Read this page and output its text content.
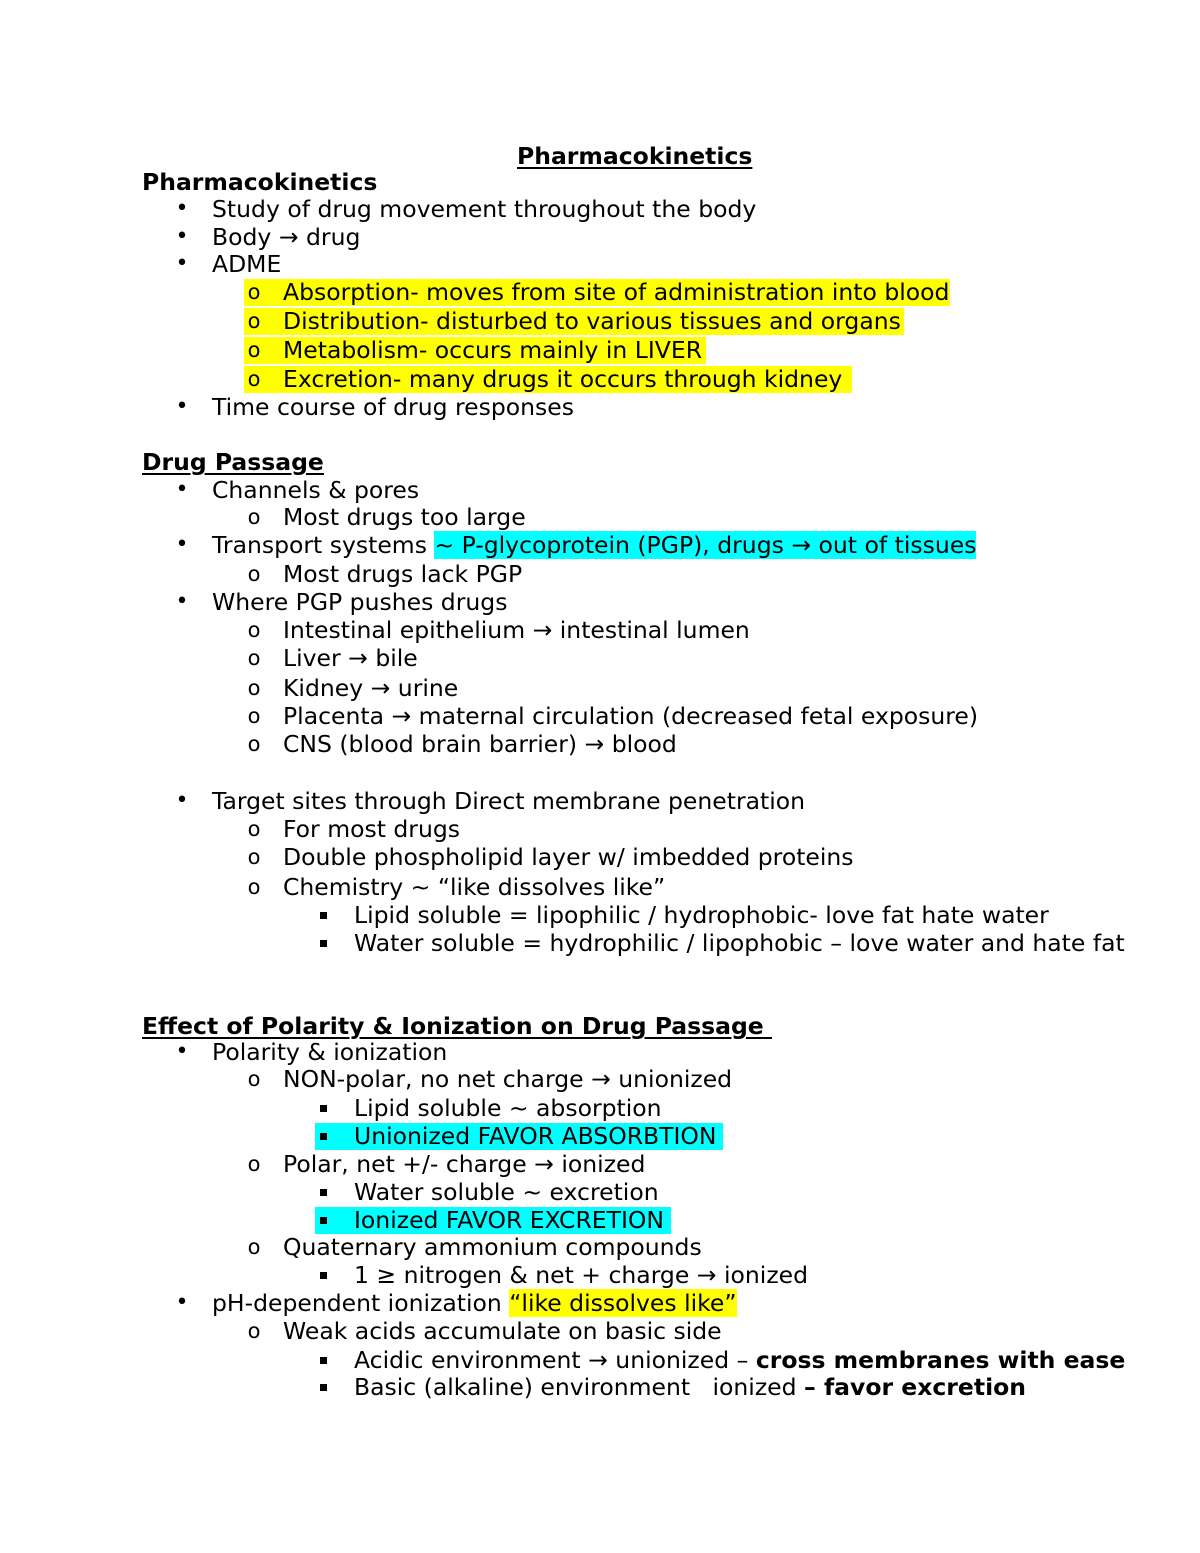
Pharmacokinetics
Pharmacokinetics
• Study of drug movement throughout the body
• Body → drug
• ADME
o Absorption- moves from site of administration into blood
o Distribution- disturbed to various tissues and organs
o Metabolism- occurs mainly in LIVER
o Excretion- many drugs it occurs through kidney
• Time course of drug responses
Drug Passage
• Channels & pores
o Most drugs too large
• Transport systems ~ P-glycoprotein (PGP), drugs → out of tissues
o Most drugs lack PGP
• Where PGP pushes drugs
o Intestinal epithelium → intestinal lumen
o Liver → bile
o Kidney → urine
o Placenta → maternal circulation (decreased fetal exposure)
o CNS (blood brain barrier) → blood
• Target sites through Direct membrane penetration
o For most drugs
o Double phospholipid layer w/ imbedded proteins
o Chemistry ~ “like dissolves like”
Lipid soluble = lipophilic / hydrophobic- love fat hate water
Water soluble = hydrophilic / lipophobic – love water and hate fat
Effect of Polarity & Ionization on Drug Passage
• Polarity & ionization
o NON-polar, no net charge → unionized
Lipid soluble ~ absorption
Unionized FAVOR ABSORBTION
o Polar, net +/- charge → ionized
Water soluble ~ excretion
Ionized FAVOR EXCRETION
o Quaternary ammonium compounds
1 ≥ nitrogen & net + charge → ionized
• pH-dependent ionization “like dissolves like”
o Weak acids accumulate on basic side
Acidic environment → unionized – cross membranes with ease
Basic (alkaline) environment   ionized – favor excretion
